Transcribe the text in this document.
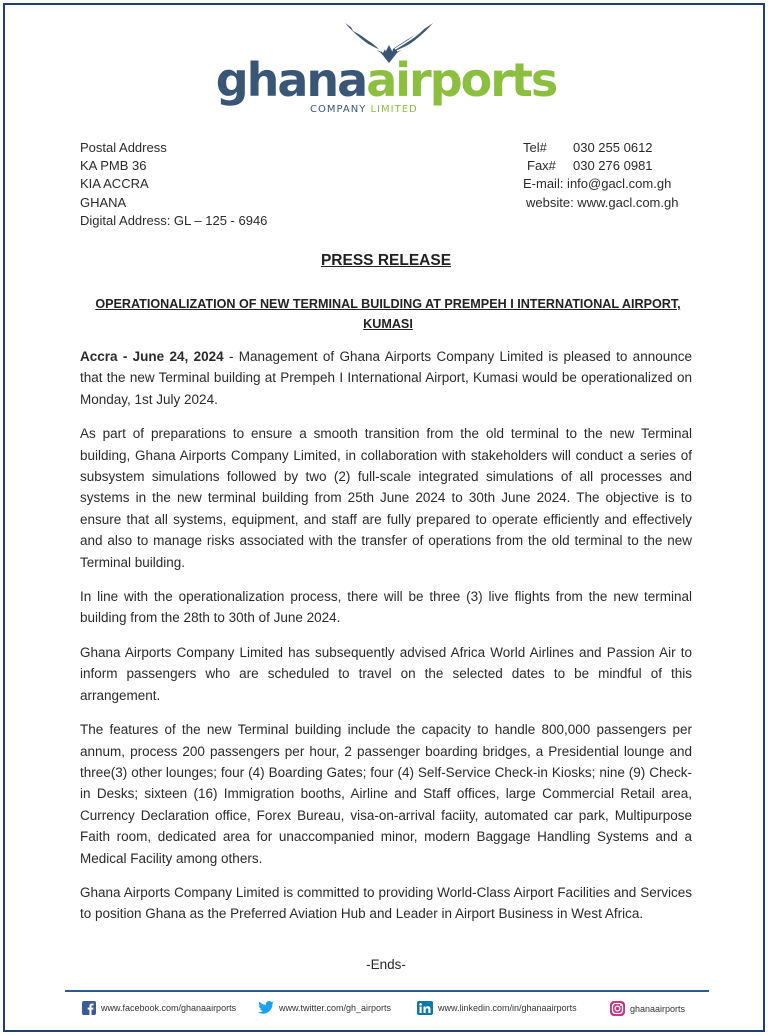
ghanaairports
COMPANY LIMITED
Postal Address
KA PMB 36
KIA ACCRA
GHANA
Digital Address: GL – 125 - 6946
Tel#	030 255 0612
Fax#	030 276 0981
E-mail: info@gacl.com.gh
website: www.gacl.com.gh
PRESS RELEASE
OPERATIONALIZATION OF NEW TERMINAL BUILDING AT PREMPEH I INTERNATIONAL AIRPORT, KUMASI

Accra - June 24, 2024 - Management of Ghana Airports Company Limited is pleased to announce that the new Terminal building at Prempeh I International Airport, Kumasi would be operationalized on Monday, 1st July 2024.

As part of preparations to ensure a smooth transition from the old terminal to the new Terminal building, Ghana Airports Company Limited, in collaboration with stakeholders will conduct a series of subsystem simulations followed by two (2) full-scale integrated simulations of all processes and systems in the new terminal building from 25th June 2024 to 30th June 2024. The objective is to ensure that all systems, equipment, and staff are fully prepared to operate efficiently and effectively and also to manage risks associated with the transfer of operations from the old terminal to the new Terminal building.

In line with the operationalization process, there will be three (3) live flights from the new terminal building from the 28th to 30th of June 2024.

Ghana Airports Company Limited has subsequently advised Africa World Airlines and Passion Air to inform passengers who are scheduled to travel on the selected dates to be mindful of this arrangement.

The features of the new Terminal building include the capacity to handle 800,000 passengers per annum, process 200 passengers per hour, 2 passenger boarding bridges, a Presidential lounge and three(3) other lounges; four (4) Boarding Gates; four (4) Self-Service Check-in Kiosks; nine (9) Check-in Desks; sixteen (16) Immigration booths, Airline and Staff offices, large Commercial Retail area, Currency Declaration office, Forex Bureau, visa-on-arrival faciity, automated car park, Multipurpose Faith room, dedicated area for unaccompanied minor, modern Baggage Handling Systems and a Medical Facility among others.

Ghana Airports Company Limited is committed to providing World-Class Airport Facilities and Services to position Ghana as the Preferred Aviation Hub and Leader in Airport Business in West Africa.

-Ends-
www.facebook.com/ghanaairports	www.twitter.com/gh_airports	www.linkedin.com/in/ghanaairports	ghanaairports
